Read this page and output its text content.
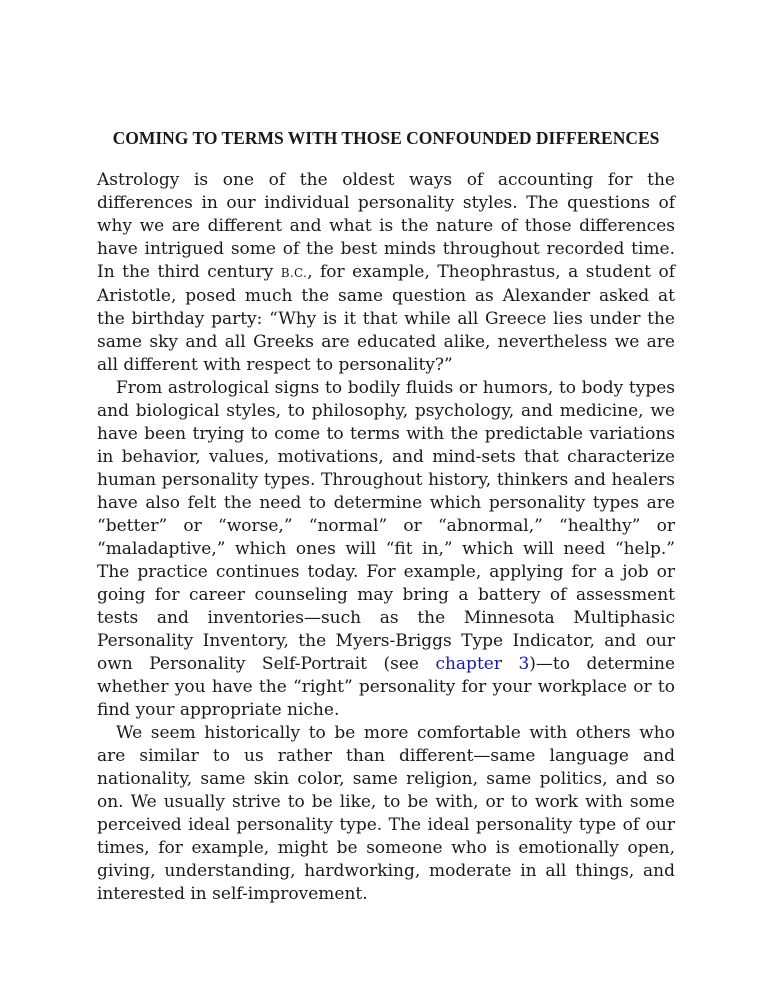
COMING TO TERMS WITH THOSE CONFOUNDED DIFFERENCES

Astrology is one of the oldest ways of accounting for the differences in our individual personality styles. The questions of why we are different and what is the nature of those differences have intrigued some of the best minds throughout recorded time. In the third century B.C., for example, Theophrastus, a student of Aristotle, posed much the same question as Alexander asked at the birthday party: “Why is it that while all Greece lies under the same sky and all Greeks are educated alike, nevertheless we are all different with respect to personality?”

From astrological signs to bodily fluids or humors, to body types and biological styles, to philosophy, psychology, and medicine, we have been trying to come to terms with the predictable variations in behavior, values, motivations, and mind-sets that characterize human personality types. Throughout history, thinkers and healers have also felt the need to determine which personality types are “better” or “worse,” “normal” or “abnormal,” “healthy” or “maladaptive,” which ones will “fit in,” which will need “help.” The practice continues today. For example, applying for a job or going for career counseling may bring a battery of assessment tests and inventories—such as the Minnesota Multiphasic Personality Inventory, the Myers-Briggs Type Indicator, and our own Personality Self-Portrait (see chapter 3)—to determine whether you have the “right” personality for your workplace or to find your appropriate niche.

We seem historically to be more comfortable with others who are similar to us rather than different—same language and nationality, same skin color, same religion, same politics, and so on. We usually strive to be like, to be with, or to work with some perceived ideal personality type. The ideal personality type of our times, for example, might be someone who is emotionally open, giving, understanding, hardworking, moderate in all things, and interested in self-improvement.
